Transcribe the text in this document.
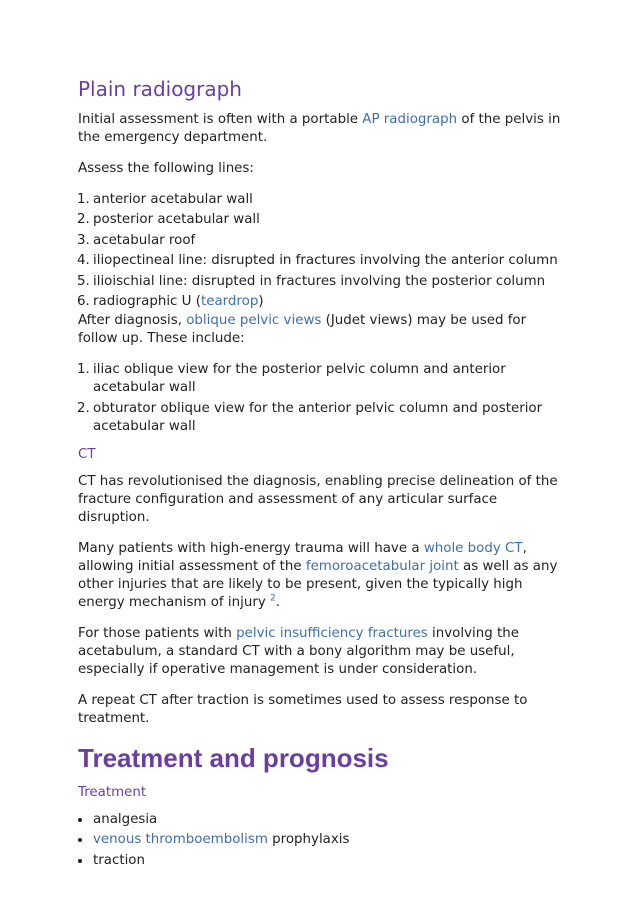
Plain radiograph

Initial assessment is often with a portable AP radiograph of the pelvis in the emergency department.

Assess the following lines:

1. anterior acetabular wall
2. posterior acetabular wall
3. acetabular roof
4. iliopectineal line: disrupted in fractures involving the anterior column
5. ilioischial line: disrupted in fractures involving the posterior column
6. radiographic U (teardrop)

After diagnosis, oblique pelvic views (Judet views) may be used for follow up. These include:

1. iliac oblique view for the posterior pelvic column and anterior acetabular wall
2. obturator oblique view for the anterior pelvic column and posterior acetabular wall
CT

CT has revolutionised the diagnosis, enabling precise delineation of the fracture configuration and assessment of any articular surface disruption.

Many patients with high-energy trauma will have a whole body CT, allowing initial assessment of the femoroacetabular joint as well as any other injuries that are likely to be present, given the typically high energy mechanism of injury $^2$.

For those patients with pelvic insufficiency fractures involving the acetabulum, a standard CT with a bony algorithm may be useful, especially if operative management is under consideration.

A repeat CT after traction is sometimes used to assess response to treatment.

Treatment and prognosis
Treatment
analgesia
venous thromboembolism prophylaxis
traction
